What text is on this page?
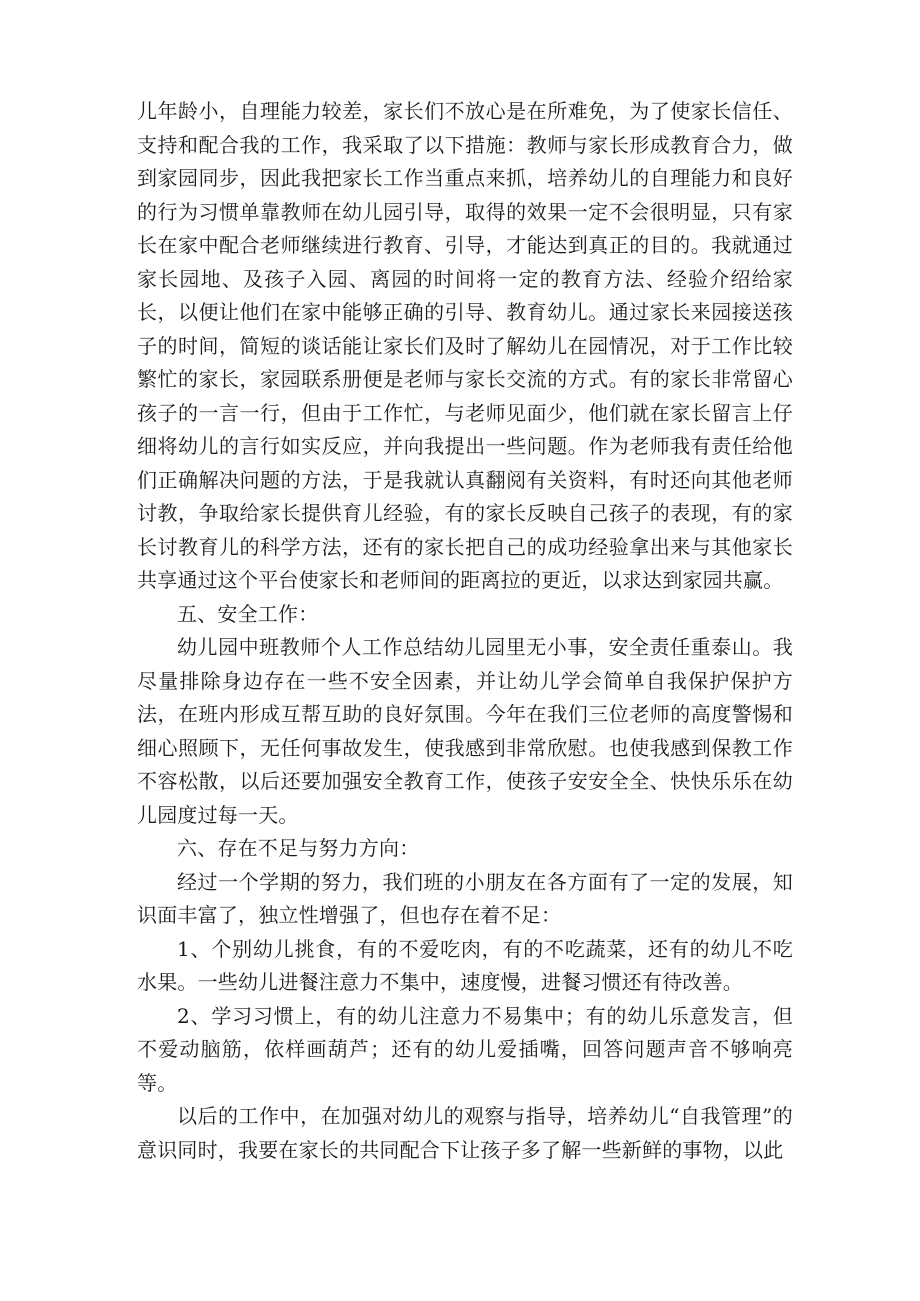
儿年龄小，自理能力较差，家长们不放心是在所难免，为了使家长信任、支持和配合我的工作，我采取了以下措施：教师与家长形成教育合力，做到家园同步，因此我把家长工作当重点来抓，培养幼儿的自理能力和良好的行为习惯单靠教师在幼儿园引导，取得的效果一定不会很明显，只有家长在家中配合老师继续进行教育、引导，才能达到真正的目的。我就通过家长园地、及孩子入园、离园的时间将一定的教育方法、经验介绍给家长，以便让他们在家中能够正确的引导、教育幼儿。通过家长来园接送孩子的时间，简短的谈话能让家长们及时了解幼儿在园情况，对于工作比较繁忙的家长，家园联系册便是老师与家长交流的方式。有的家长非常留心孩子的一言一行，但由于工作忙，与老师见面少，他们就在家长留言上仔细将幼儿的言行如实反应，并向我提出一些问题。作为老师我有责任给他们正确解决问题的方法，于是我就认真翻阅有关资料，有时还向其他老师讨教，争取给家长提供育儿经验，有的家长反映自己孩子的表现，有的家长讨教育儿的科学方法，还有的家长把自己的成功经验拿出来与其他家长共享通过这个平台使家长和老师间的距离拉的更近，以求达到家园共赢。

五、安全工作：

幼儿园中班教师个人工作总结幼儿园里无小事，安全责任重泰山。我尽量排除身边存在一些不安全因素，并让幼儿学会简单自我保护保护方法，在班内形成互帮互助的良好氛围。今年在我们三位老师的高度警惕和细心照顾下，无任何事故发生，使我感到非常欣慰。也使我感到保教工作不容松散，以后还要加强安全教育工作，使孩子安安全全、快快乐乐在幼儿园度过每一天。

六、存在不足与努力方向：

经过一个学期的努力，我们班的小朋友在各方面有了一定的发展，知识面丰富了，独立性增强了，但也存在着不足：

1、个别幼儿挑食，有的不爱吃肉，有的不吃蔬菜，还有的幼儿不吃水果。一些幼儿进餐注意力不集中，速度慢，进餐习惯还有待改善。

2、学习习惯上，有的幼儿注意力不易集中；有的幼儿乐意发言，但不爱动脑筋，依样画葫芦；还有的幼儿爱插嘴，回答问题声音不够响亮等。

以后的工作中，在加强对幼儿的观察与指导，培养幼儿“自我管理”的意识同时，我要在家长的共同配合下让孩子多了解一些新鲜的事物，以此
